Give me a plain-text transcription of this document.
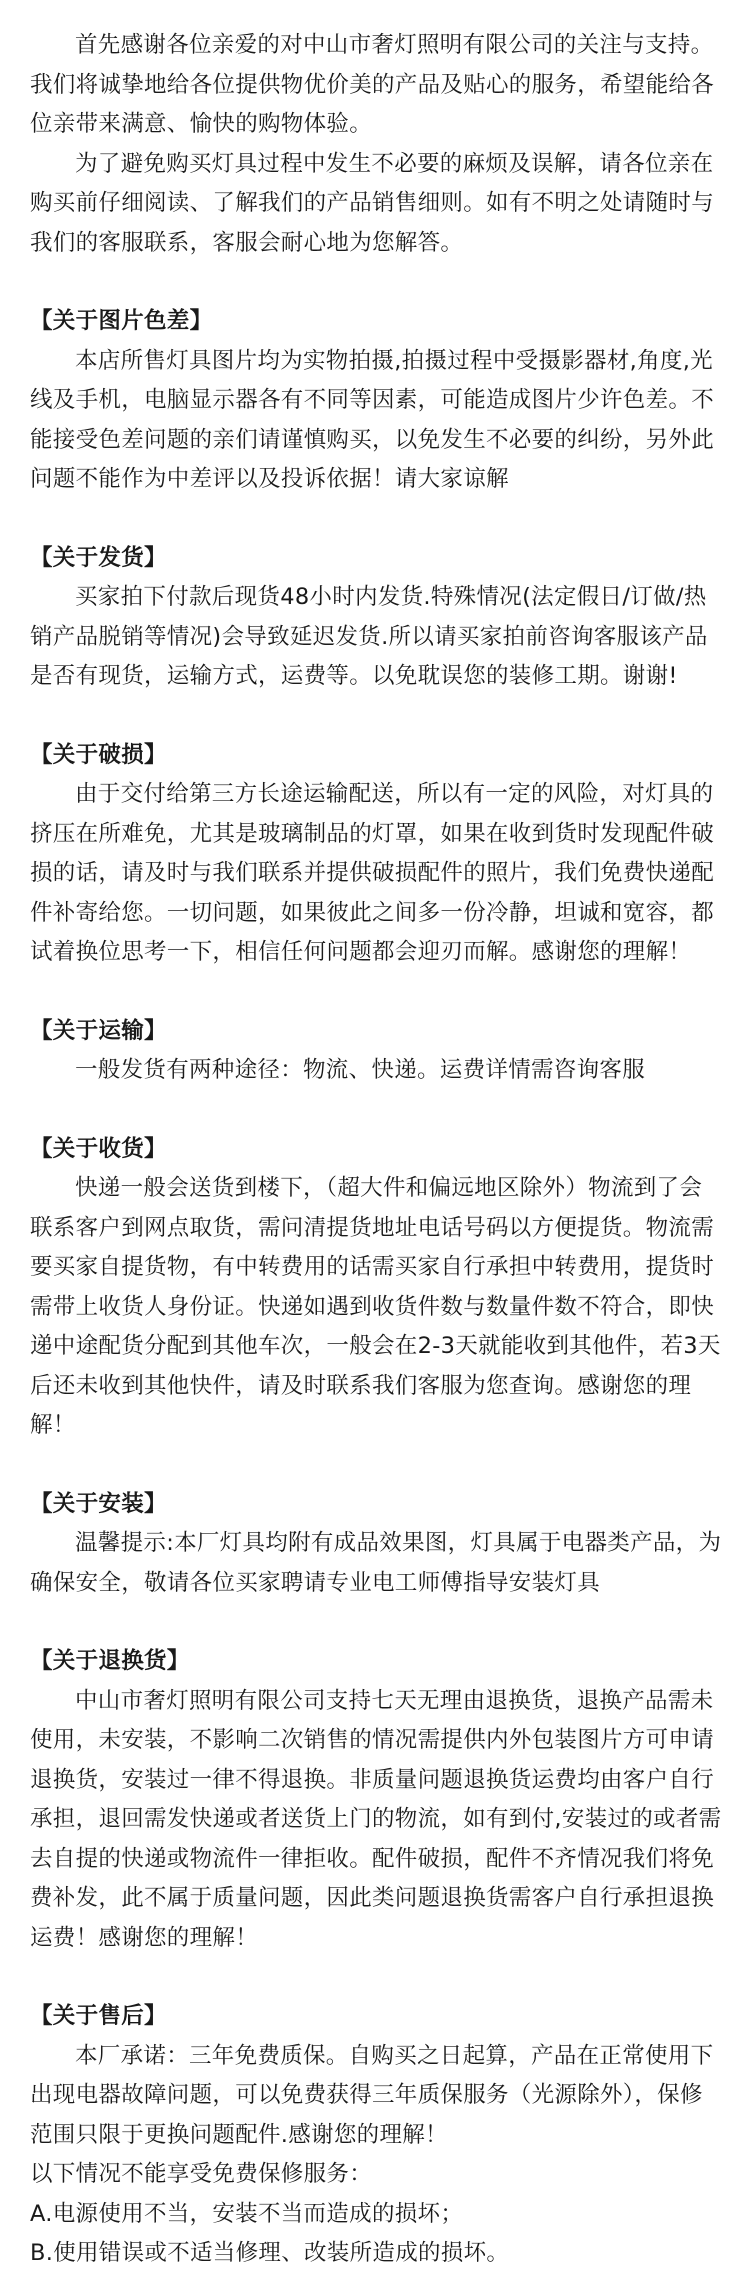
首先感谢各位亲爱的对中山市奢灯照明有限公司的关注与支持。我们将诚挚地给各位提供物优价美的产品及贴心的服务，希望能给各位亲带来满意、愉快的购物体验。

为了避免购买灯具过程中发生不必要的麻烦及误解，请各位亲在购买前仔细阅读、了解我们的产品销售细则。如有不明之处请随时与我们的客服联系，客服会耐心地为您解答。

【关于图片色差】

本店所售灯具图片均为实物拍摄,拍摄过程中受摄影器材,角度,光线及手机，电脑显示器各有不同等因素，可能造成图片少许色差。不能接受色差问题的亲们请谨慎购买，以免发生不必要的纠纷，另外此问题不能作为中差评以及投诉依据！请大家谅解

【关于发货】

买家拍下付款后现货48小时内发货.特殊情况(法定假日/订做/热销产品脱销等情况)会导致延迟发货.所以请买家拍前咨询客服该产品是否有现货，运输方式，运费等。以免耽误您的装修工期。谢谢!

【关于破损】

由于交付给第三方长途运输配送，所以有一定的风险，对灯具的挤压在所难免，尤其是玻璃制品的灯罩，如果在收到货时发现配件破损的话，请及时与我们联系并提供破损配件的照片，我们免费快递配件补寄给您。一切问题，如果彼此之间多一份冷静，坦诚和宽容，都试着换位思考一下，相信任何问题都会迎刃而解。感谢您的理解！

【关于运输】

一般发货有两种途径：物流、快递。运费详情需咨询客服

【关于收货】

快递一般会送货到楼下，（超大件和偏远地区除外）物流到了会联系客户到网点取货，需问清提货地址电话号码以方便提货。物流需要买家自提货物，有中转费用的话需买家自行承担中转费用，提货时需带上收货人身份证。快递如遇到收货件数与数量件数不符合，即快递中途配货分配到其他车次，一般会在2-3天就能收到其他件，若3天后还未收到其他快件，请及时联系我们客服为您查询。感谢您的理解！

【关于安装】

温馨提示:本厂灯具均附有成品效果图，灯具属于电器类产品，为确保安全，敬请各位买家聘请专业电工师傅指导安装灯具

【关于退换货】

中山市奢灯照明有限公司支持七天无理由退换货，退换产品需未使用，未安装，不影响二次销售的情况需提供内外包装图片方可申请退换货，安装过一律不得退换。非质量问题退换货运费均由客户自行承担，退回需发快递或者送货上门的物流，如有到付,安装过的或者需去自提的快递或物流件一律拒收。配件破损，配件不齐情况我们将免费补发，此不属于质量问题，因此类问题退换货需客户自行承担退换运费！感谢您的理解！

【关于售后】

本厂承诺：三年免费质保。自购买之日起算，产品在正常使用下出现电器故障问题，可以免费获得三年质保服务（光源除外），保修范围只限于更换问题配件.感谢您的理解！

以下情况不能享受免费保修服务：

A.电源使用不当，安装不当而造成的损坏；

B.使用错误或不适当修理、改装所造成的损坏。
